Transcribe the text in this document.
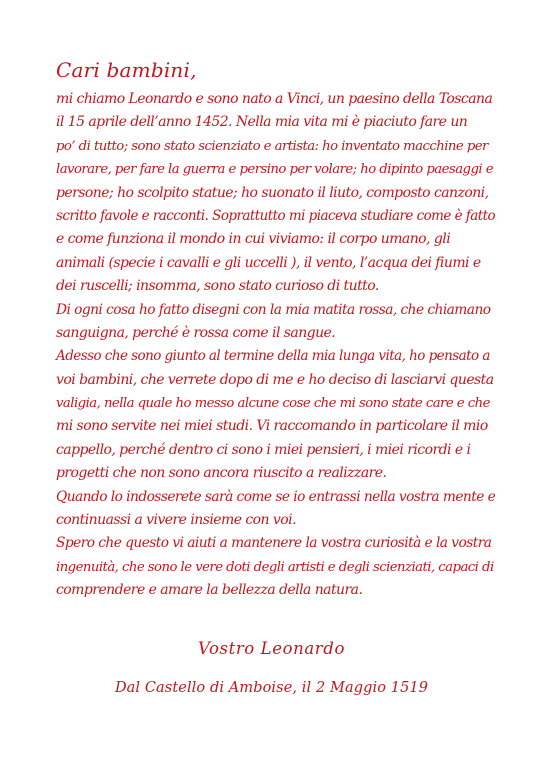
Cari bambini,
mi chiamo Leonardo e sono nato a Vinci, un paesino della Toscana
il 15 aprile dell’anno 1452. Nella mia vita mi è piaciuto fare un
po’ di tutto; sono stato scienziato e artista: ho inventato macchine per
lavorare, per fare la guerra e persino per volare; ho dipinto paesaggi e
persone; ho scolpito statue; ho suonato il liuto, composto canzoni,
scritto favole e racconti. Soprattutto mi piaceva studiare come è fatto
e come funziona il mondo in cui viviamo: il corpo umano, gli
animali (specie i cavalli e gli uccelli ), il vento, l’acqua dei fiumi e
dei ruscelli; insomma, sono stato curioso di tutto.
Di ogni cosa ho fatto disegni con la mia matita rossa, che chiamano
sanguigna, perché è rossa come il sangue.
Adesso che sono giunto al termine della mia lunga vita, ho pensato a
voi bambini, che verrete dopo di me e ho deciso di lasciarvi questa
valigia, nella quale ho messo alcune cose che mi sono state care e che
mi sono servite nei miei studi. Vi raccomando in particolare il mio
cappello, perché dentro ci sono i miei pensieri, i miei ricordi e i
progetti che non sono ancora riuscito a realizzare.
Quando lo indosserete sarà come se io entrassi nella vostra mente e
continuassi a vivere insieme con voi.
Spero che questo vi aiuti a mantenere la vostra curiosità e la vostra
ingenuità, che sono le vere doti degli artisti e degli scienziati, capaci di
comprendere e amare la bellezza della natura.
Vostro Leonardo
Dal Castello di Amboise, il 2 Maggio 1519
